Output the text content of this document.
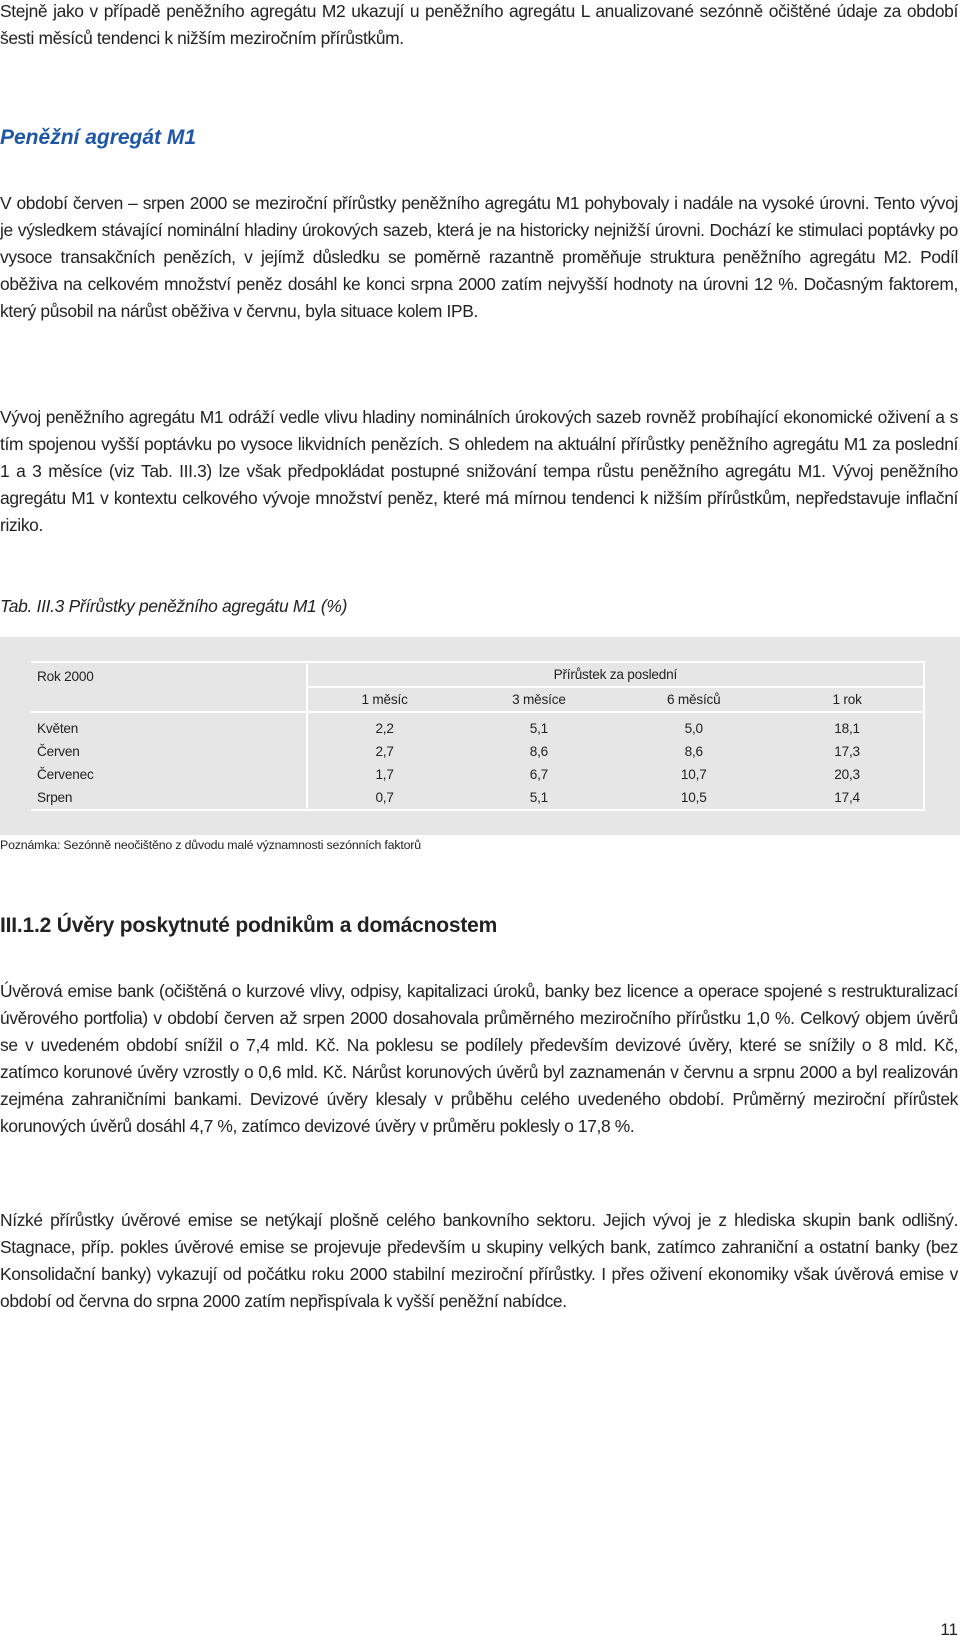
Stejně jako v případě peněžního agregátu M2 ukazují u peněžního agregátu L anualizované sezónně očištěné údaje za období šesti měsíců tendenci k nižším meziročním přírůstkům.

Peněžní agregát M1

V období červen – srpen 2000 se meziroční přírůstky peněžního agregátu M1 pohybovaly i nadále na vysoké úrovni. Tento vývoj je výsledkem stávající nominální hladiny úrokových sazeb, která je na historicky nejnižší úrovni. Dochází ke stimulaci poptávky po vysoce transakčních penězích, v jejímž důsledku se poměrně razantně proměňuje struktura peněžního agregátu M2. Podíl oběživa na celkovém množství peněz dosáhl ke konci srpna 2000 zatím nejvyšší hodnoty na úrovni 12 %. Dočasným faktorem, který působil na nárůst oběživa v červnu, byla situace kolem IPB.

Vývoj peněžního agregátu M1 odráží vedle vlivu hladiny nominálních úrokových sazeb rovněž probíhající ekonomické oživení a s tím spojenou vyšší poptávku po vysoce likvidních penězích. S ohledem na aktuální přírůstky peněžního agregátu M1 za poslední 1 a 3 měsíce (viz Tab. III.3) lze však předpokládat postupné snižování tempa růstu peněžního agregátu M1. Vývoj peněžního agregátu M1 v kontextu celkového vývoje množství peněz, které má mírnou tendenci k nižším přírůstkům, nepředstavuje inflační riziko.

Tab. III.3 Přírůstky peněžního agregátu M1 (%)

Rok 2000	Přírůstek za poslední			
	1 měsíc	3 měsíce	6 měsíců	1 rok
Květen	2,2	5,1	5,0	18,1
Červen	2,7	8,6	8,6	17,3
Červenec	1,7	6,7	10,7	20,3
Srpen	0,7	5,1	10,5	17,4

Poznámka: Sezónně neočištěno z důvodu malé významnosti sezónních faktorů

III.1.2 Úvěry poskytnuté podnikům a domácnostem

Úvěrová emise bank (očištěná o kurzové vlivy, odpisy, kapitalizaci úroků, banky bez licence a operace spojené s restrukturalizací úvěrového portfolia) v období červen až srpen 2000 dosahovala průměrného meziročního přírůstku 1,0 %. Celkový objem úvěrů se v uvedeném období snížil o 7,4 mld. Kč. Na poklesu se podílely především devizové úvěry, které se snížily o 8 mld. Kč, zatímco korunové úvěry vzrostly o 0,6 mld. Kč. Nárůst korunových úvěrů byl zaznamenán v červnu a srpnu 2000 a byl realizován zejména zahraničními bankami. Devizové úvěry klesaly v průběhu celého uvedeného období. Průměrný meziroční přírůstek korunových úvěrů dosáhl 4,7 %, zatímco devizové úvěry v průměru poklesly o 17,8 %.

Nízké přírůstky úvěrové emise se netýkají plošně celého bankovního sektoru. Jejich vývoj je z hlediska skupin bank odlišný. Stagnace, příp. pokles úvěrové emise se projevuje především u skupiny velkých bank, zatímco zahraniční a ostatní banky (bez Konsolidační banky) vykazují od počátku roku 2000 stabilní meziroční přírůstky. I přes oživení ekonomiky však úvěrová emise v období od června do srpna 2000 zatím nepřispívala k vyšší peněžní nabídce.

11
